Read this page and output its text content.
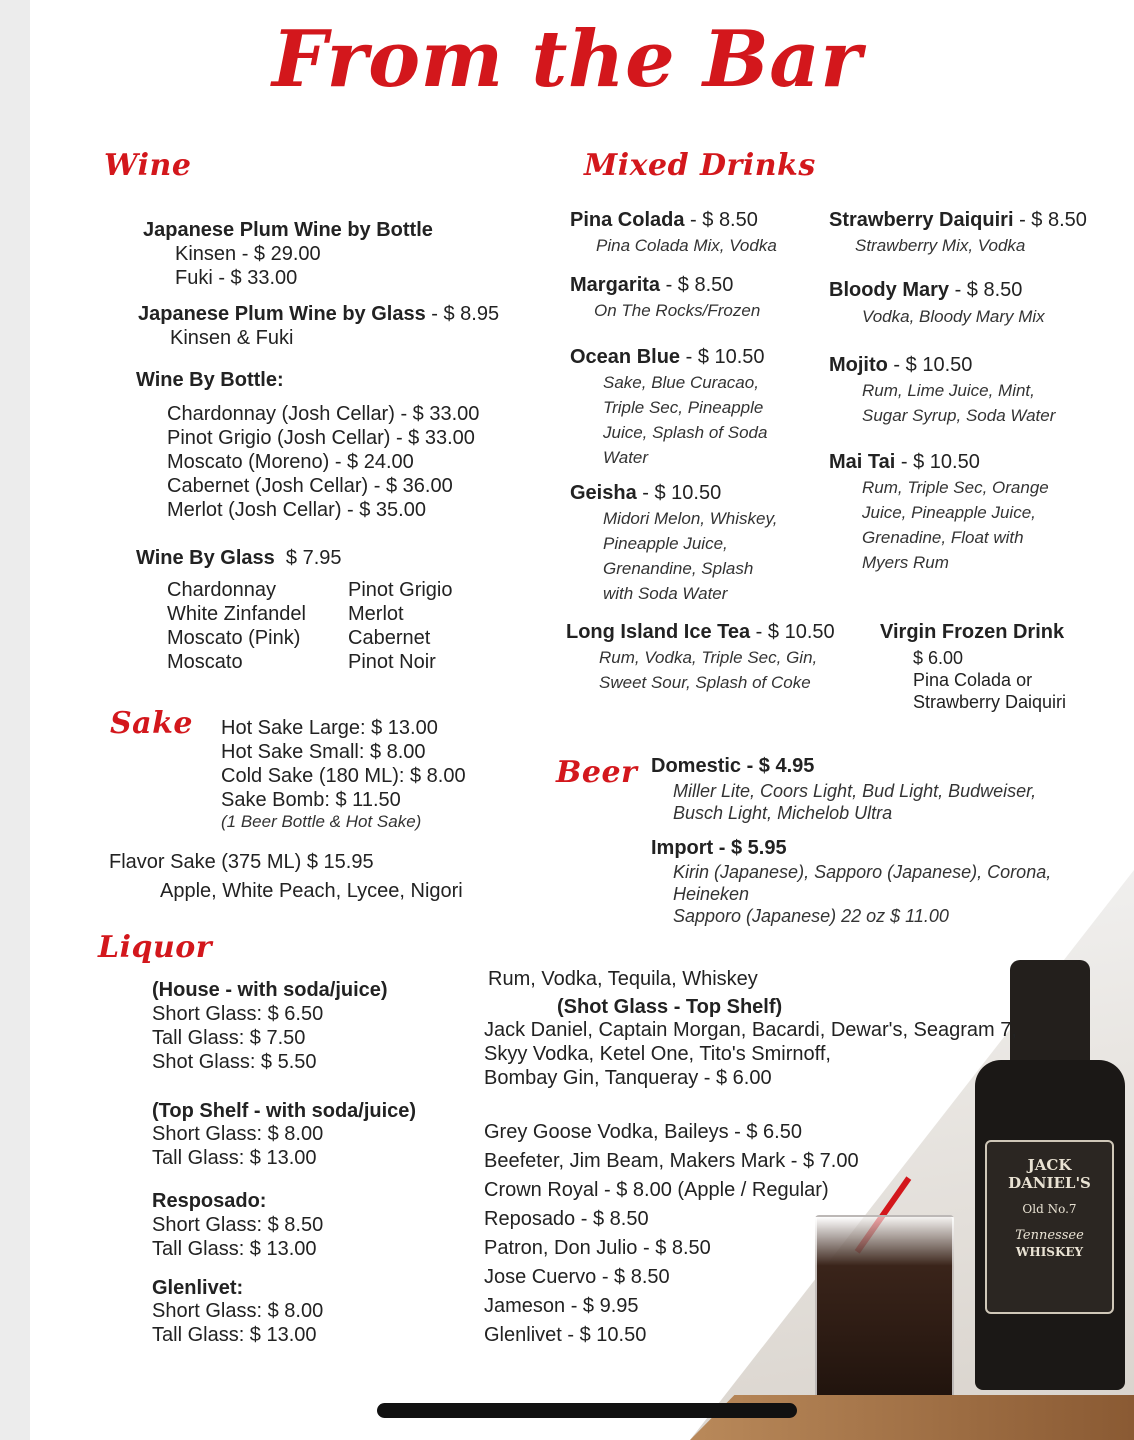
JACK DANIEL'S
Old No.7
Tennessee
WHISKEY
From the Bar
Wine
Japanese Plum Wine by Bottle
Kinsen - $ 29.00
Fuki - $ 33.00
Japanese Plum Wine by Glass - $ 8.95
Kinsen & Fuki
Wine By Bottle:
Chardonnay (Josh Cellar) - $ 33.00
Pinot Grigio (Josh Cellar) - $ 33.00
Moscato (Moreno) - $ 24.00
Cabernet (Josh Cellar) - $ 36.00
Merlot (Josh Cellar) - $ 35.00
Wine By Glass $ 7.95
Chardonnay
White Zinfandel
Moscato (Pink)
Moscato
Pinot Grigio
Merlot
Cabernet
Pinot Noir
Sake Hot Sake Large: $ 13.00
Hot Sake Small: $ 8.00
Cold Sake (180 ML): $ 8.00
Sake Bomb: $ 11.50
(1 Beer Bottle & Hot Sake)
Flavor Sake (375 ML) $ 15.95
Apple, White Peach, Lycee, Nigori
Mixed Drinks
Pina Colada - $ 8.50
Pina Colada Mix, Vodka
Margarita - $ 8.50
On The Rocks/Frozen
Ocean Blue - $ 10.50
Sake, Blue Curacao,
Triple Sec, Pineapple
Juice, Splash of Soda
Water
Geisha - $ 10.50
Midori Melon, Whiskey,
Pineapple Juice,
Grenandine, Splash
with Soda Water
Long Island Ice Tea - $ 10.50
Rum, Vodka, Triple Sec, Gin,
Sweet Sour, Splash of Coke
Strawberry Daiquiri - $ 8.50
Strawberry Mix, Vodka
Bloody Mary - $ 8.50
Vodka, Bloody Mary Mix
Mojito - $ 10.50
Rum, Lime Juice, Mint,
Sugar Syrup, Soda Water
Mai Tai - $ 10.50
Rum, Triple Sec, Orange
Juice, Pineapple Juice,
Grenadine, Float with
Myers Rum
Virgin Frozen Drink
$ 6.00
Pina Colada or
Strawberry Daiquiri
Beer Domestic - $ 4.95
Miller Lite, Coors Light, Bud Light, Budweiser,
Busch Light, Michelob Ultra
Import - $ 5.95
Kirin (Japanese), Sapporo (Japanese), Corona,
Heineken
Sapporo (Japanese) 22 oz $ 11.00
Liquor
(House - with soda/juice)
Short Glass: $ 6.50
Tall Glass: $ 7.50
Shot Glass: $ 5.50
(Top Shelf - with soda/juice)
Short Glass: $ 8.00
Tall Glass: $ 13.00
Resposado:
Short Glass: $ 8.50
Tall Glass: $ 13.00
Glenlivet:
Short Glass: $ 8.00
Tall Glass: $ 13.00
Rum, Vodka, Tequila, Whiskey
(Shot Glass - Top Shelf)
Jack Daniel, Captain Morgan, Bacardi, Dewar's, Seagram 7,
Skyy Vodka, Ketel One, Tito's Smirnoff,
Bombay Gin, Tanqueray - $ 6.00
Grey Goose Vodka, Baileys - $ 6.50
Beefeter, Jim Beam, Makers Mark - $ 7.00
Crown Royal - $ 8.00 (Apple / Regular)
Reposado - $ 8.50
Patron, Don Julio - $ 8.50
Jose Cuervo - $ 8.50
Jameson - $ 9.95
Glenlivet - $ 10.50
